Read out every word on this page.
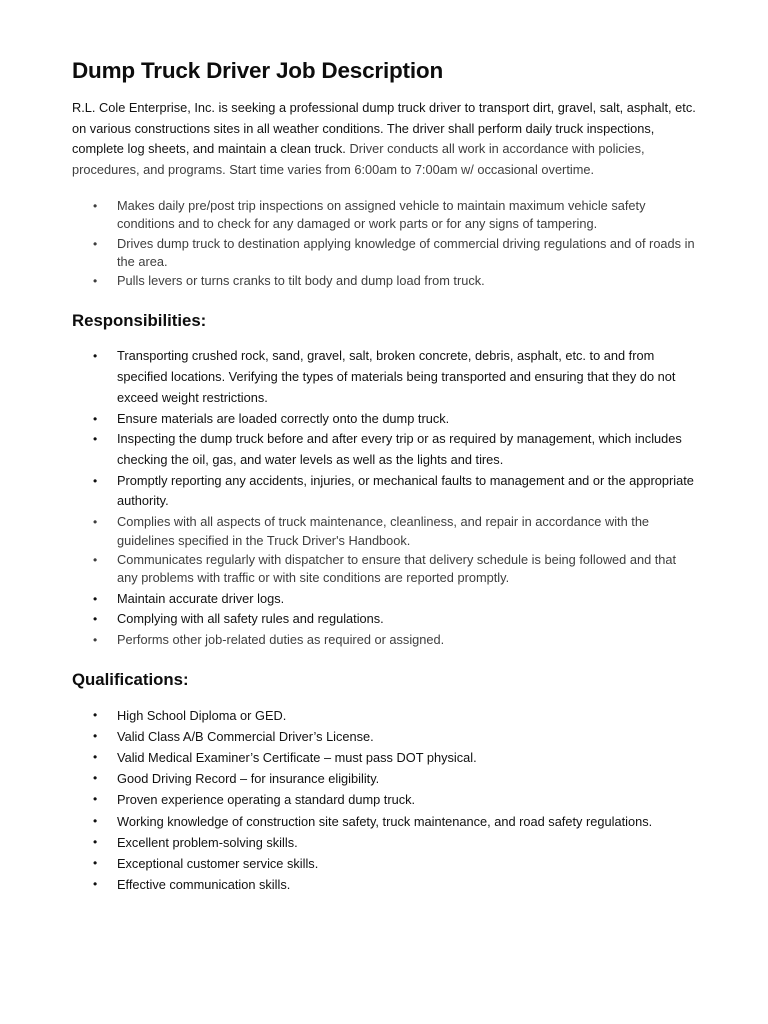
Dump Truck Driver Job Description

R.L. Cole Enterprise, Inc. is seeking a professional dump truck driver to transport dirt, gravel, salt, asphalt, etc. on various constructions sites in all weather conditions. The driver shall perform daily truck inspections, complete log sheets, and maintain a clean truck. Driver conducts all work in accordance with policies, procedures, and programs. Start time varies from 6:00am to 7:00am w/ occasional overtime.

• Makes daily pre/post trip inspections on assigned vehicle to maintain maximum vehicle safety conditions and to check for any damaged or work parts or for any signs of tampering.
• Drives dump truck to destination applying knowledge of commercial driving regulations and of roads in the area.
• Pulls levers or turns cranks to tilt body and dump load from truck.
Responsibilities:
• Transporting crushed rock, sand, gravel, salt, broken concrete, debris, asphalt, etc. to and from specified locations. Verifying the types of materials being transported and ensuring that they do not exceed weight restrictions.
• Ensure materials are loaded correctly onto the dump truck.
• Inspecting the dump truck before and after every trip or as required by management, which includes checking the oil, gas, and water levels as well as the lights and tires.
• Promptly reporting any accidents, injuries, or mechanical faults to management and or the appropriate authority.
• Complies with all aspects of truck maintenance, cleanliness, and repair in accordance with the guidelines specified in the Truck Driver's Handbook.
• Communicates regularly with dispatcher to ensure that delivery schedule is being followed and that any problems with traffic or with site conditions are reported promptly.
• Maintain accurate driver logs.
• Complying with all safety rules and regulations.
• Performs other job-related duties as required or assigned.
Qualifications:
• High School Diploma or GED.
• Valid Class A/B Commercial Driver’s License.
• Valid Medical Examiner’s Certificate – must pass DOT physical.
• Good Driving Record – for insurance eligibility.
• Proven experience operating a standard dump truck.
• Working knowledge of construction site safety, truck maintenance, and road safety regulations.
• Excellent problem-solving skills.
• Exceptional customer service skills.
• Effective communication skills.
